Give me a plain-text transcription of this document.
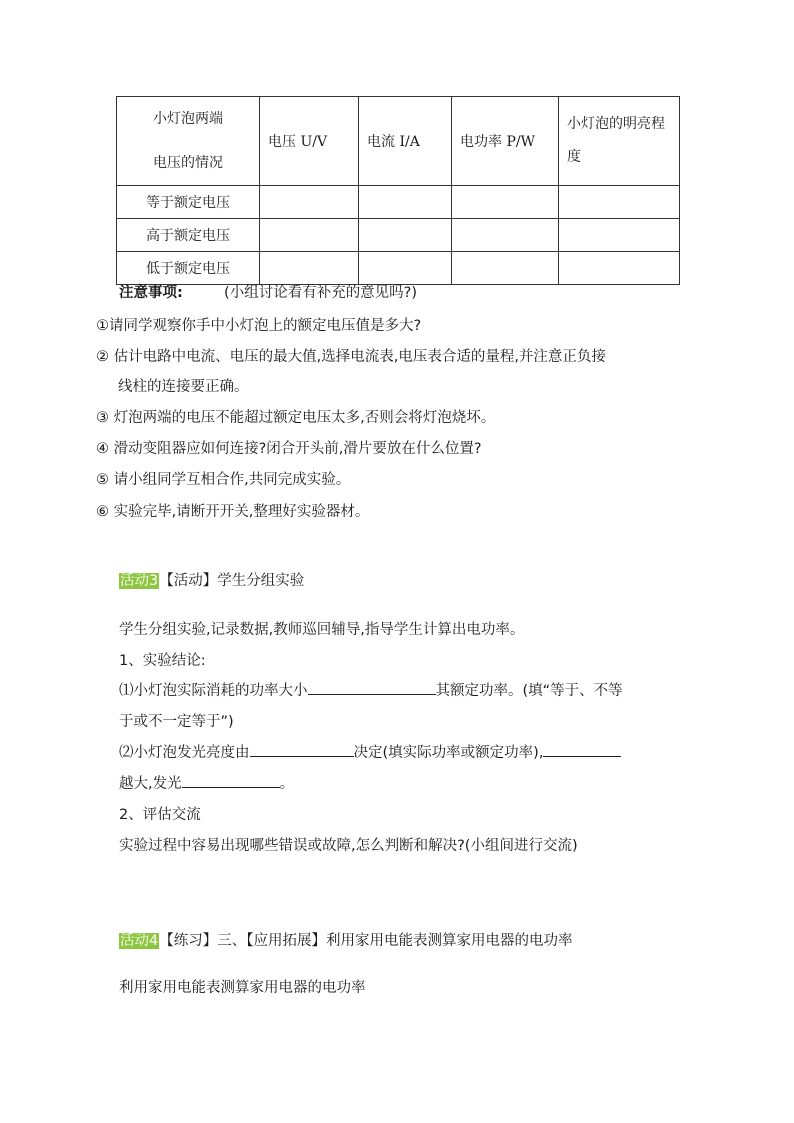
小灯泡两端
电压的情况	电压 U/V	电流 I/A	电功率 P/W	小灯泡的明亮程度
等于额定电压				
高于额定电压				
低于额定电压				
注意事项:	(小组讨论看有补充的意见吗?)
①请同学观察你手中小灯泡上的额定电压值是多大?
② 估计电路中电流、电压的最大值,选择电流表,电压表合适的量程,并注意正负接
线柱的连接要正确。
③ 灯泡两端的电压不能超过额定电压太多,否则会将灯泡烧坏。
④ 滑动变阻器应如何连接?闭合开头前,滑片要放在什么位置?
⑤ 请小组同学互相合作,共同完成实验。
⑥ 实验完毕,请断开开关,整理好实验器材。
活动3【活动】学生分组实验
学生分组实验,记录数据,教师巡回辅导,指导学生计算出电功率。
1、实验结论:
⑴小灯泡实际消耗的功率大小	其额定功率。(填“等于、不等
于或不一定等于”)
⑵小灯泡发光亮度由	决定(填实际功率或额定功率),
越大,发光	。
2、评估交流
实验过程中容易出现哪些错误或故障,怎么判断和解决?(小组间进行交流)
活动4【练习】三、【应用拓展】利用家用电能表测算家用电器的电功率
利用家用电能表测算家用电器的电功率
